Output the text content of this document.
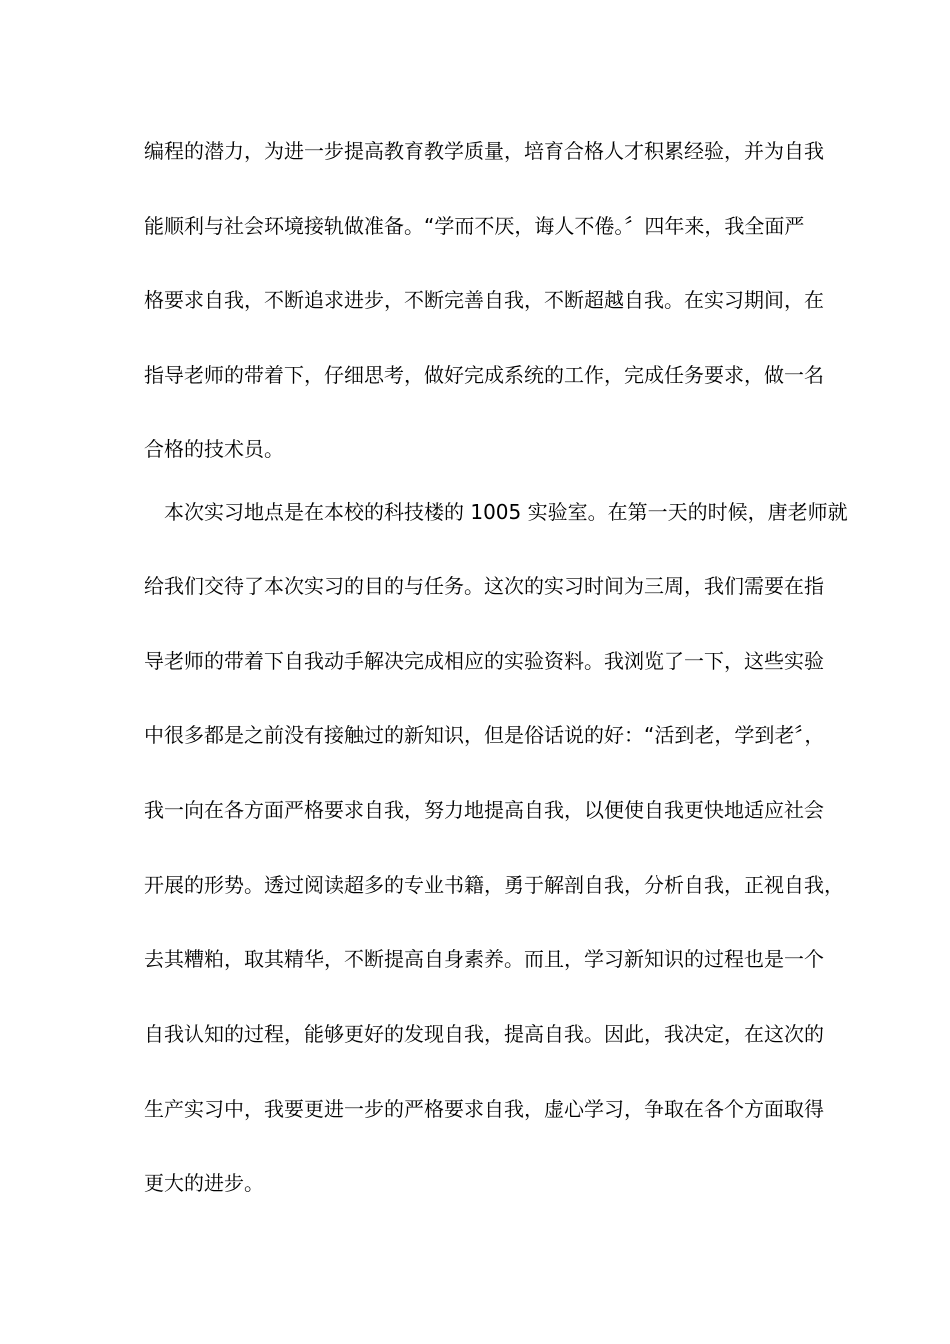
编程的潜力，为进一步提高教育教学质量，培育合格人才积累经验，并为自我
能顺利与社会环境接轨做准备。“学而不厌，诲人不倦。〞四年来，我全面严
格要求自我，不断追求进步，不断完善自我，不断超越自我。在实习期间，在
指导老师的带着下，仔细思考，做好完成系统的工作，完成任务要求，做一名
合格的技术员。
本次实习地点是在本校的科技楼的 1005 实验室。在第一天的时候，唐老师就
给我们交待了本次实习的目的与任务。这次的实习时间为三周，我们需要在指
导老师的带着下自我动手解决完成相应的实验资料。我浏览了一下，这些实验
中很多都是之前没有接触过的新知识，但是俗话说的好：“活到老，学到老〞，
我一向在各方面严格要求自我，努力地提高自我，以便使自我更快地适应社会
开展的形势。透过阅读超多的专业书籍，勇于解剖自我，分析自我，正视自我，
去其糟粕，取其精华，不断提高自身素养。而且，学习新知识的过程也是一个
自我认知的过程，能够更好的发现自我，提高自我。因此，我决定，在这次的
生产实习中，我要更进一步的严格要求自我，虚心学习，争取在各个方面取得
更大的进步。
